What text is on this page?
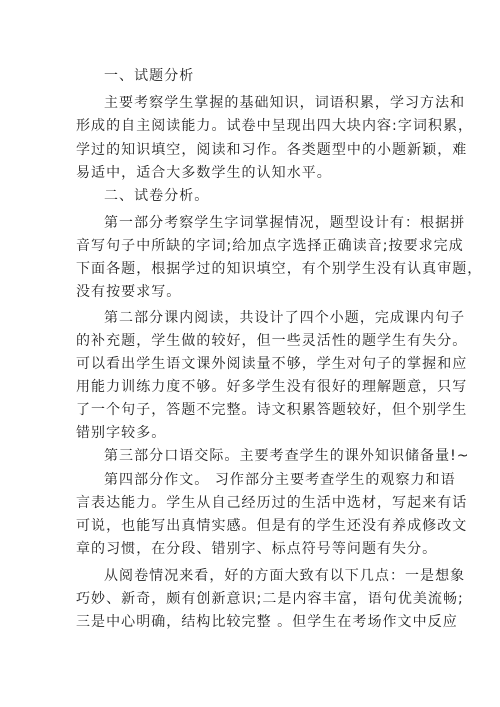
一、试题分析
主要考察学生掌握的基础知识，词语积累，学习方法和
形成的自主阅读能力。试卷中呈现出四大块内容:字词积累，
学过的知识填空，阅读和习作。各类题型中的小题新颖，难
易适中，适合大多数学生的认知水平。
二、试卷分析。
第一部分考察学生字词掌握情况，题型设计有：根据拼
音写句子中所缺的字词;给加点字选择正确读音;按要求完成
下面各题，根据学过的知识填空，有个别学生没有认真审题，
没有按要求写。
第二部分课内阅读，共设计了四个小题，完成课内句子
的补充题，学生做的较好，但一些灵活性的题学生有失分。
可以看出学生语文课外阅读量不够，学生对句子的掌握和应
用能力训练力度不够。好多学生没有很好的理解题意，只写
了一个句子，答题不完整。诗文积累答题较好，但个别学生
错别字较多。
第三部分口语交际。主要考查学生的课外知识储备量!~
第四部分作文。 习作部分主要考查学生的观察力和语
言表达能力。学生从自己经历过的生活中选材，写起来有话
可说，也能写出真情实感。但是有的学生还没有养成修改文
章的习惯，在分段、错别字、标点符号等问题有失分。
从阅卷情况来看，好的方面大致有以下几点：一是想象
巧妙、新奇，颇有创新意识;二是内容丰富，语句优美流畅;
三是中心明确，结构比较完整 。但学生在考场作文中反应
